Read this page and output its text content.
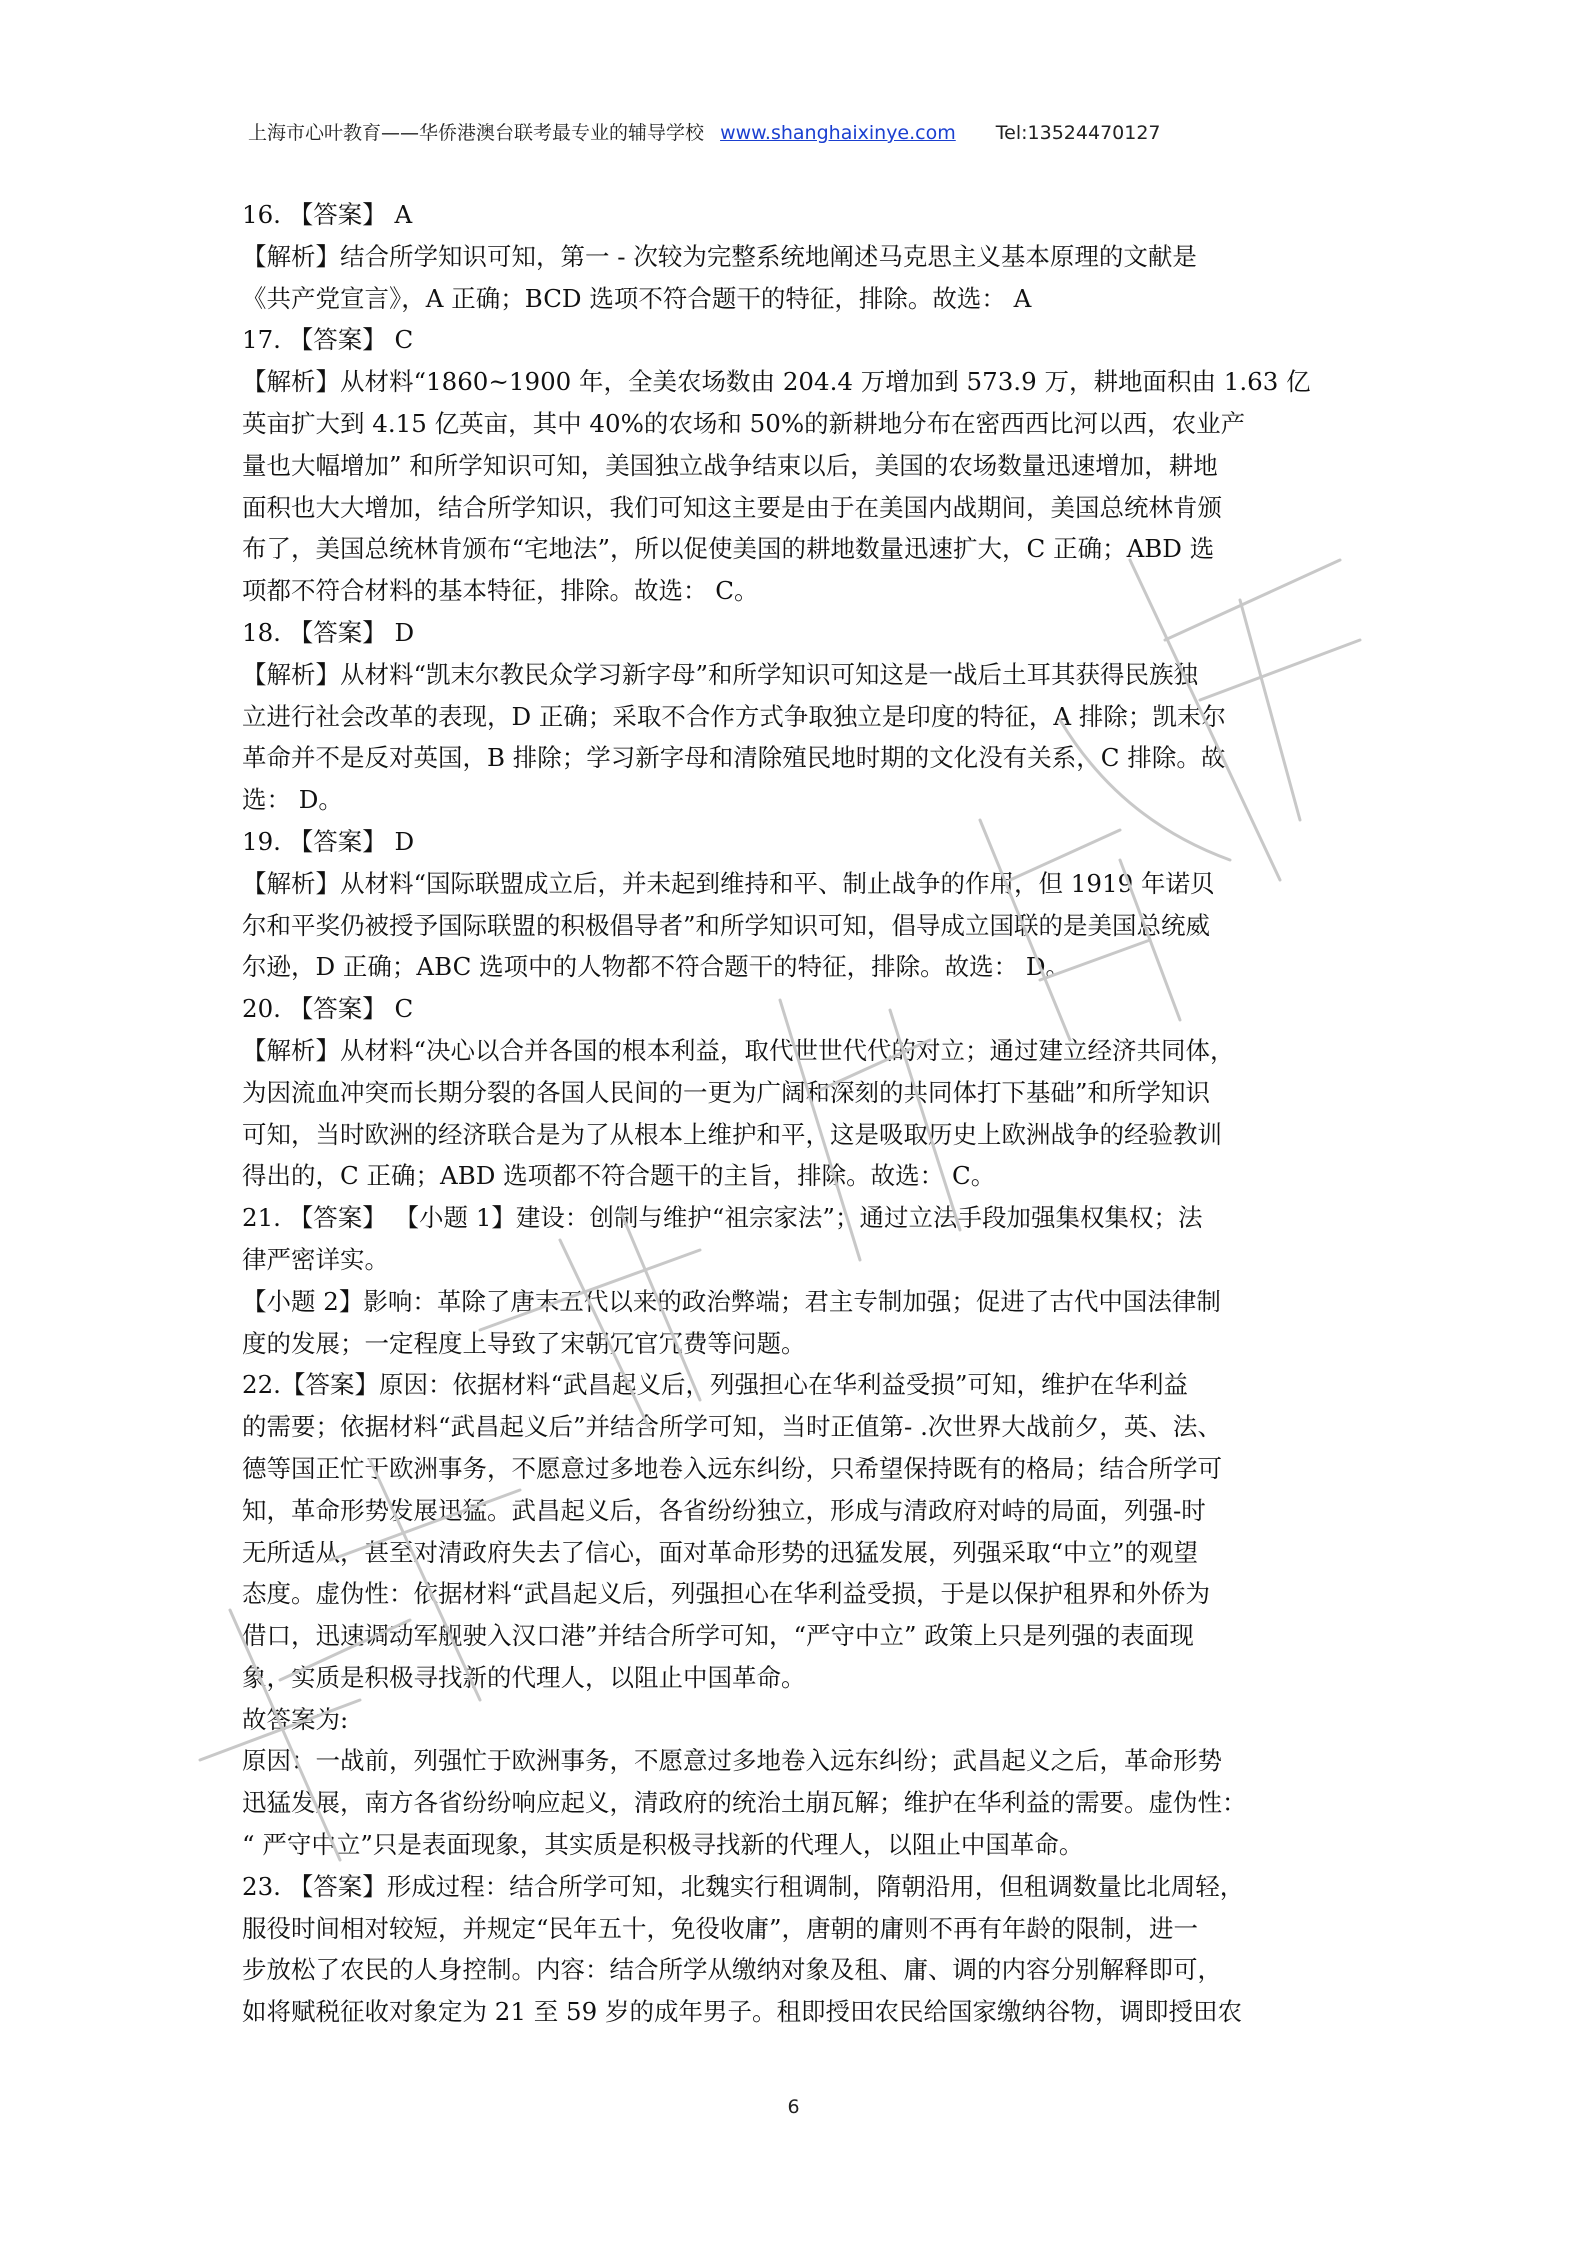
上海市心叶教育——华侨港澳台联考最专业的辅导学校 www.shanghaixinye.com Tel:13524470127
16. 【答案】 A
【解析】结合所学知识可知，第一 - 次较为完整系统地阐述马克思主义基本原理的文献是
《共产党宣言》，A 正确；BCD 选项不符合题干的特征，排除。故选： A
17. 【答案】 C
【解析】从材料“1860~1900 年，全美农场数由 204.4 万增加到 573.9 万，耕地面积由 1.63 亿
英亩扩大到 4.15 亿英亩，其中 40%的农场和 50%的新耕地分布在密西西比河以西，农业产
量也大幅增加” 和所学知识可知，美国独立战争结束以后，美国的农场数量迅速增加，耕地
面积也大大增加，结合所学知识，我们可知这主要是由于在美国内战期间，美国总统林肯颁
布了，美国总统林肯颁布“宅地法”，所以促使美国的耕地数量迅速扩大，C 正确；ABD 选
项都不符合材料的基本特征，排除。故选： C。
18. 【答案】 D
【解析】从材料“凯末尔教民众学习新字母”和所学知识可知这是一战后土耳其获得民族独
立进行社会改革的表现，D 正确；采取不合作方式争取独立是印度的特征，A 排除；凯末尔
革命并不是反对英国，B 排除；学习新字母和清除殖民地时期的文化没有关系，C 排除。故
选： D。
19. 【答案】 D
【解析】从材料“国际联盟成立后，并未起到维持和平、制止战争的作用，但 1919 年诺贝
尔和平奖仍被授予国际联盟的积极倡导者”和所学知识可知，倡导成立国联的是美国总统威
尔逊，D 正确；ABC 选项中的人物都不符合题干的特征，排除。故选： D。
20. 【答案】 C
【解析】从材料“决心以合并各国的根本利益，取代世世代代的对立；通过建立经济共同体，
为因流血冲突而长期分裂的各国人民间的一更为广阔和深刻的共同体打下基础”和所学知识
可知，当时欧洲的经济联合是为了从根本上维护和平，这是吸取历史上欧洲战争的经验教训
得出的，C 正确；ABD 选项都不符合题干的主旨，排除。故选： C。
21. 【答案】 【小题 1】建设：创制与维护“祖宗家法”；通过立法手段加强集权集权；法
律严密详实。
【小题 2】影响：革除了唐末五代以来的政治弊端；君主专制加强；促进了古代中国法律制
度的发展；一定程度上导致了宋朝冗官冗费等问题。
22.【答案】原因：依据材料“武昌起义后，列强担心在华利益受损”可知，维护在华利益
的需要；依据材料“武昌起义后”并结合所学可知，当时正值第- .次世界大战前夕，英、法、
德等国正忙于欧洲事务，不愿意过多地卷入远东纠纷，只希望保持既有的格局；结合所学可
知，革命形势发展迅猛。武昌起义后，各省纷纷独立，形成与清政府对峙的局面，列强-时
无所适从，甚至对清政府失去了信心，面对革命形势的迅猛发展，列强采取“中立”的观望
态度。虚伪性：依据材料“武昌起义后，列强担心在华利益受损，于是以保护租界和外侨为
借口，迅速调动军舰驶入汉口港”并结合所学可知，“严守中立” 政策上只是列强的表面现
象，实质是积极寻找新的代理人，以阻止中国革命。
故答案为:
原因：一战前，列强忙于欧洲事务，不愿意过多地卷入远东纠纷；武昌起义之后，革命形势
迅猛发展，南方各省纷纷响应起义，清政府的统治土崩瓦解；维护在华利益的需要。虚伪性：
“ 严守中立”只是表面现象，其实质是积极寻找新的代理人，以阻止中国革命。
23. 【答案】形成过程：结合所学可知，北魏实行租调制，隋朝沿用，但租调数量比北周轻，
服役时间相对较短，并规定“民年五十，免役收庸”，唐朝的庸则不再有年龄的限制，进一
步放松了农民的人身控制。内容：结合所学从缴纳对象及租、庸、调的内容分别解释即可，
如将赋税征收对象定为 21 至 59 岁的成年男子。租即授田农民给国家缴纳谷物，调即授田农
6
